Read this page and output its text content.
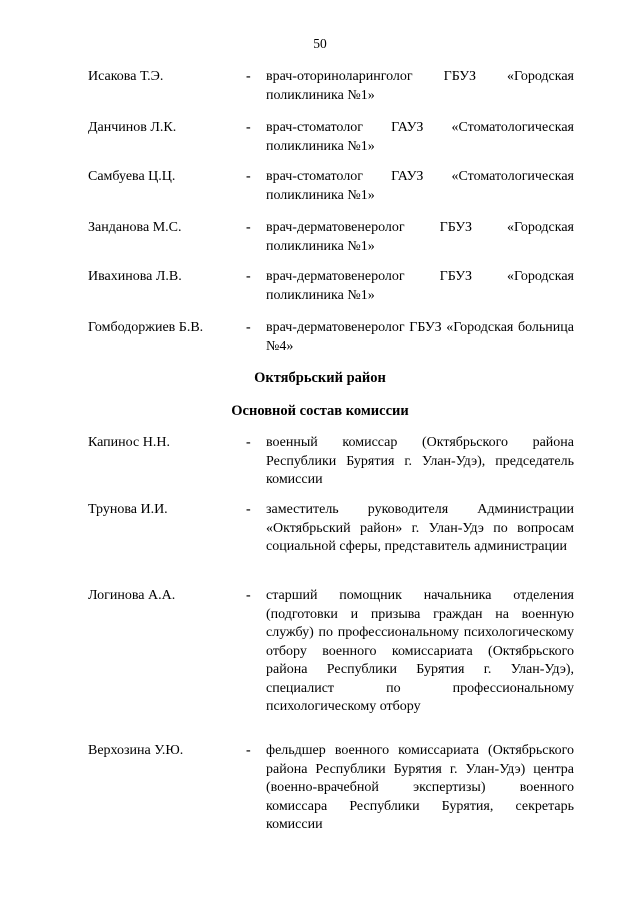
50
Исакова Т.Э.	-	врач-оториноларинголог ГБУЗ «Городская поликлиника №1»
Данчинов Л.К.	-	врач-стоматолог ГАУЗ «Стоматологическая поликлиника №1»
Самбуева Ц.Ц.	-	врач-стоматолог ГАУЗ «Стоматологическая поликлиника №1»
Занданова М.С.	-	врач-дерматовенеролог ГБУЗ «Городская поликлиника №1»
Ивахинова Л.В.	-	врач-дерматовенеролог ГБУЗ «Городская поликлиника №1»
Гомбодоржиев Б.В.	-	врач-дерматовенеролог ГБУЗ «Городская больница №4»
Октябрьский район
Основной состав комиссии
Капинос Н.Н.	-	военный комиссар (Октябрьского района Республики Бурятия г. Улан-Удэ), председатель комиссии
Трунова И.И.	-	заместитель руководителя Администрации «Октябрьский район» г. Улан-Удэ по вопросам социальной сферы, представитель администрации
Логинова А.А.	-	старший помощник начальника отделения (подготовки и призыва граждан на военную службу) по профессиональному психологическому отбору военного комиссариата (Октябрьского района Республики Бурятия г. Улан-Удэ), специалист по профессиональному психологическому отбору
Верхозина У.Ю.	-	фельдшер военного комиссариата (Октябрьского района Республики Бурятия г. Улан-Удэ) центра (военно-врачебной экспертизы) военного комиссара Республики Бурятия, секретарь комиссии
